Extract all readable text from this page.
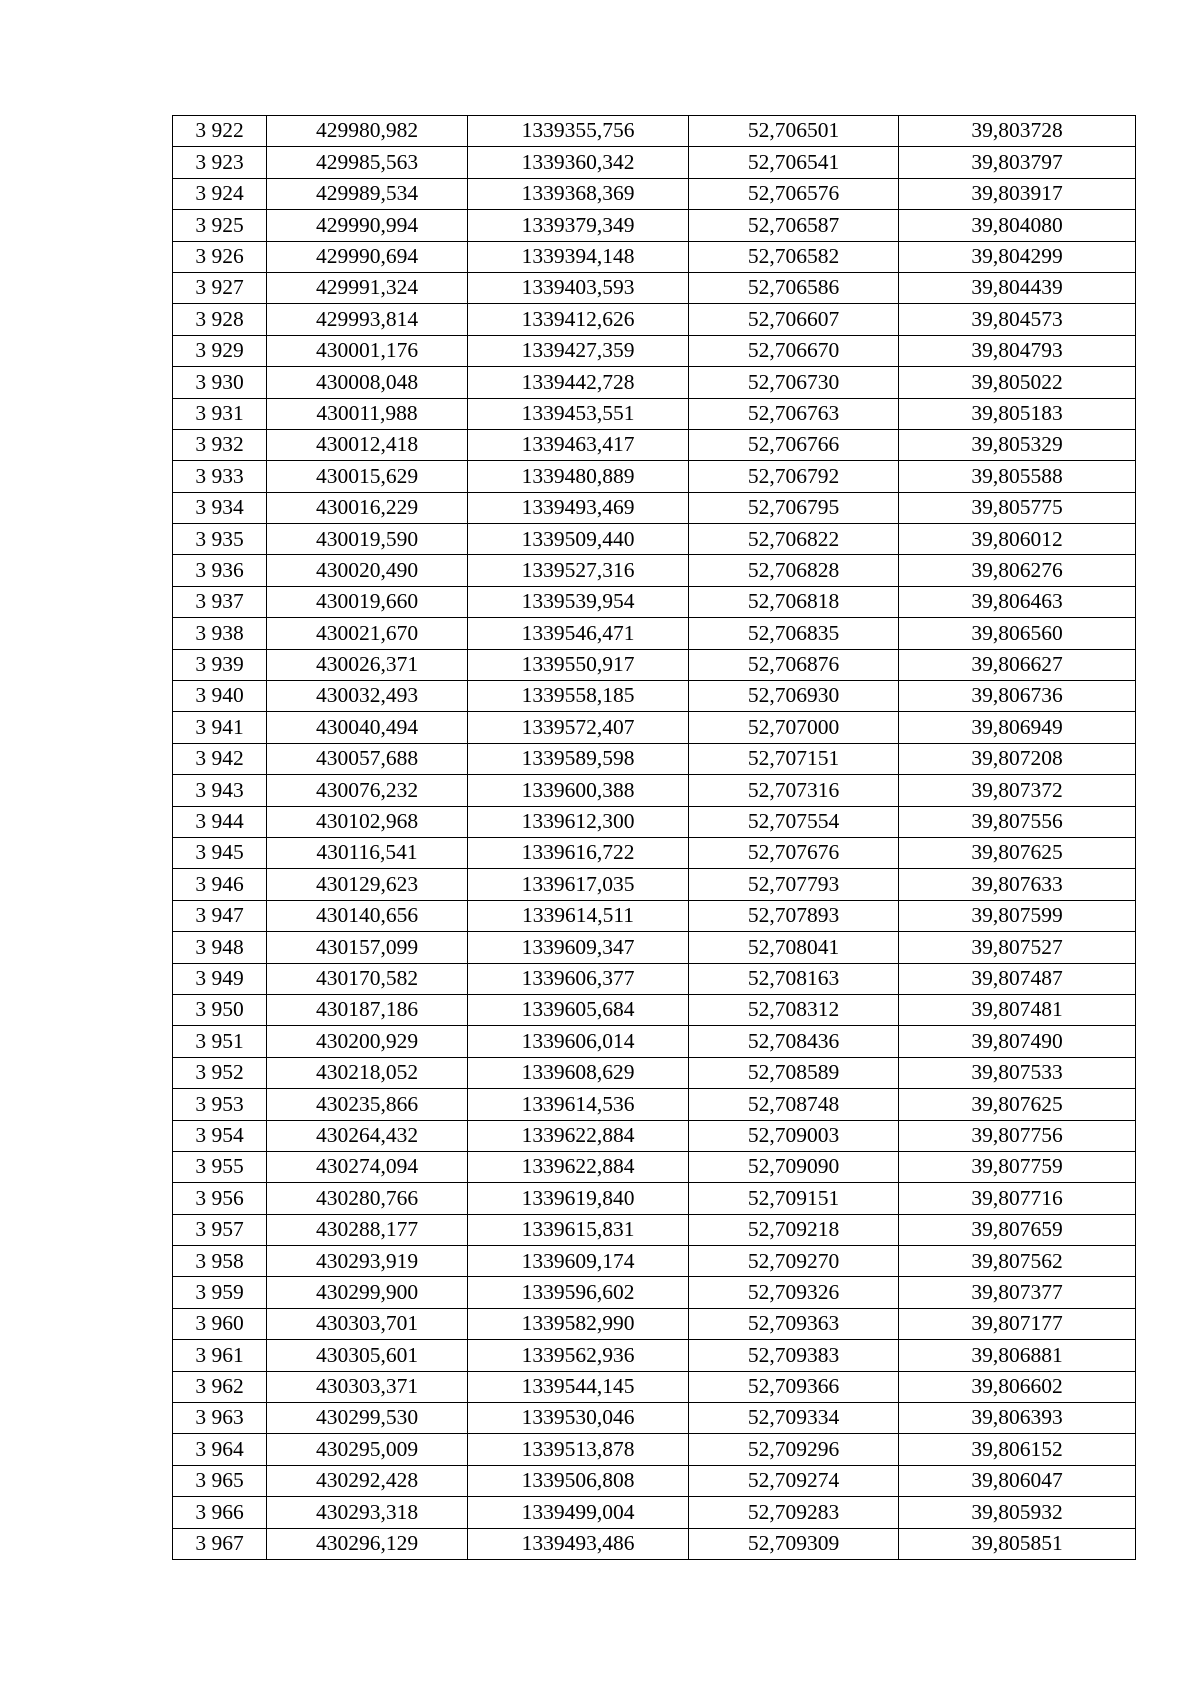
3 922	429980,982	1339355,756	52,706501	39,803728
3 923	429985,563	1339360,342	52,706541	39,803797
3 924	429989,534	1339368,369	52,706576	39,803917
3 925	429990,994	1339379,349	52,706587	39,804080
3 926	429990,694	1339394,148	52,706582	39,804299
3 927	429991,324	1339403,593	52,706586	39,804439
3 928	429993,814	1339412,626	52,706607	39,804573
3 929	430001,176	1339427,359	52,706670	39,804793
3 930	430008,048	1339442,728	52,706730	39,805022
3 931	430011,988	1339453,551	52,706763	39,805183
3 932	430012,418	1339463,417	52,706766	39,805329
3 933	430015,629	1339480,889	52,706792	39,805588
3 934	430016,229	1339493,469	52,706795	39,805775
3 935	430019,590	1339509,440	52,706822	39,806012
3 936	430020,490	1339527,316	52,706828	39,806276
3 937	430019,660	1339539,954	52,706818	39,806463
3 938	430021,670	1339546,471	52,706835	39,806560
3 939	430026,371	1339550,917	52,706876	39,806627
3 940	430032,493	1339558,185	52,706930	39,806736
3 941	430040,494	1339572,407	52,707000	39,806949
3 942	430057,688	1339589,598	52,707151	39,807208
3 943	430076,232	1339600,388	52,707316	39,807372
3 944	430102,968	1339612,300	52,707554	39,807556
3 945	430116,541	1339616,722	52,707676	39,807625
3 946	430129,623	1339617,035	52,707793	39,807633
3 947	430140,656	1339614,511	52,707893	39,807599
3 948	430157,099	1339609,347	52,708041	39,807527
3 949	430170,582	1339606,377	52,708163	39,807487
3 950	430187,186	1339605,684	52,708312	39,807481
3 951	430200,929	1339606,014	52,708436	39,807490
3 952	430218,052	1339608,629	52,708589	39,807533
3 953	430235,866	1339614,536	52,708748	39,807625
3 954	430264,432	1339622,884	52,709003	39,807756
3 955	430274,094	1339622,884	52,709090	39,807759
3 956	430280,766	1339619,840	52,709151	39,807716
3 957	430288,177	1339615,831	52,709218	39,807659
3 958	430293,919	1339609,174	52,709270	39,807562
3 959	430299,900	1339596,602	52,709326	39,807377
3 960	430303,701	1339582,990	52,709363	39,807177
3 961	430305,601	1339562,936	52,709383	39,806881
3 962	430303,371	1339544,145	52,709366	39,806602
3 963	430299,530	1339530,046	52,709334	39,806393
3 964	430295,009	1339513,878	52,709296	39,806152
3 965	430292,428	1339506,808	52,709274	39,806047
3 966	430293,318	1339499,004	52,709283	39,805932
3 967	430296,129	1339493,486	52,709309	39,805851
